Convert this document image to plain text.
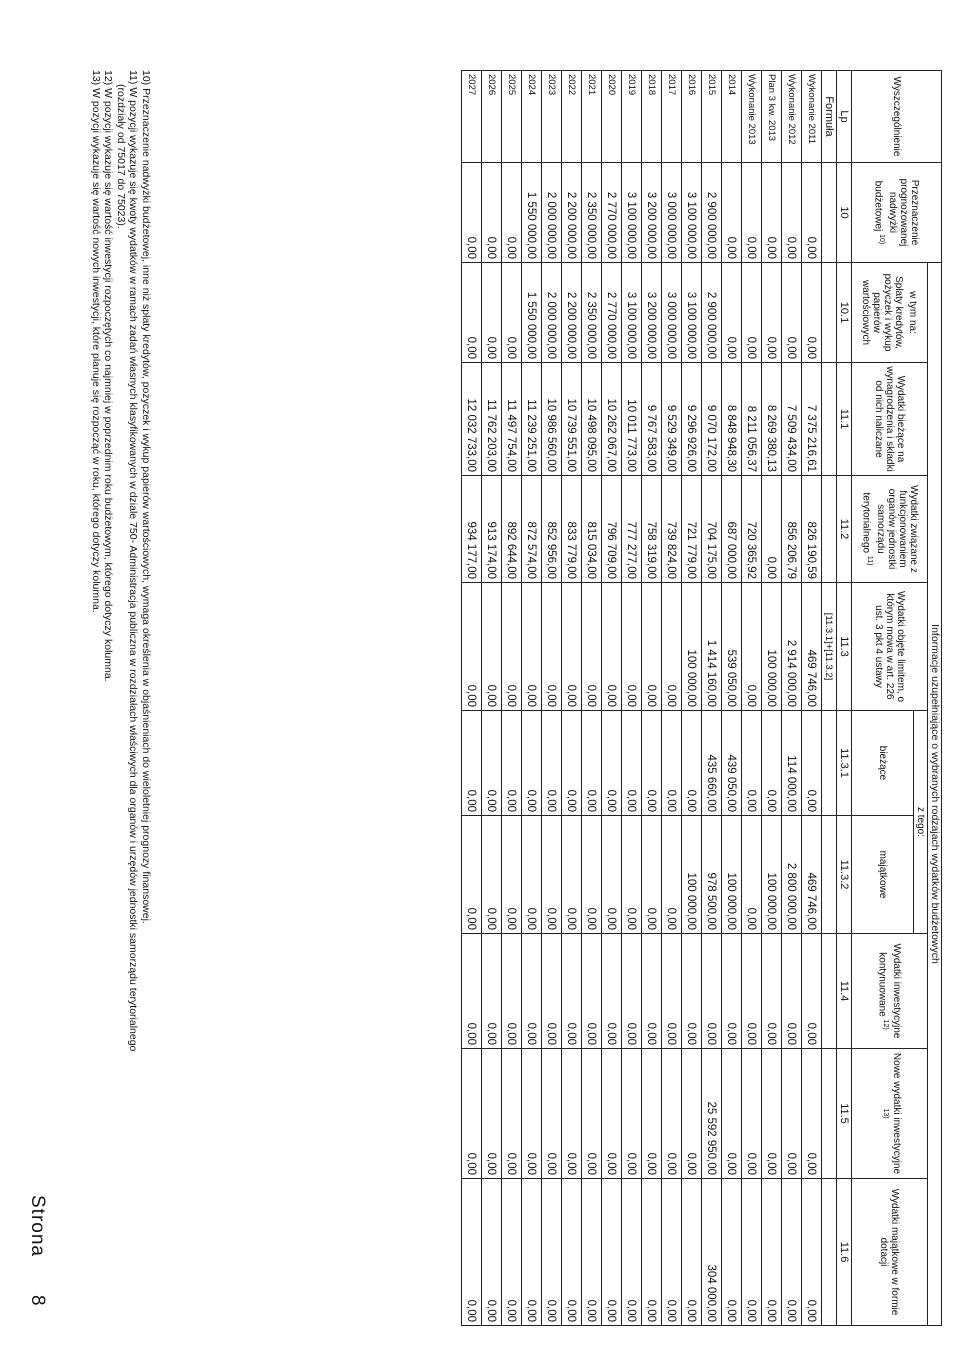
Wyszczególnienie	Przeznaczenie prognozowanej nadwyżki budżetowej $^{10)}$	Informacje uzupełniające o wybranych rodzajach wydatków budżetowych								

		w tym na:
Spłaty kredytów, pożyczek i wykup papierów wartościowych	Wydatki bieżące na wynagrodzenia i składki od nich naliczane	Wydatki związane z funkcjonowaniem organów jednostki samorządu terytorialnego $^{11)}$	Wydatki objęte limitem, o którym mowa w art. 226 ust. 3 pkt 4 ustawy	z tego:		Wydatki inwestycyjne kontynuowane $^{12)}$	Nowe wydatki inwestycyjne $^{13)}$	Wydatki majątkowe w formie dotacji
						bieżące	majątkowe			
Lp	10	10.1	11.1	11.2	11.3	11.3.1	11.3.2	11.4	11.5	11.6
Formuła					[11.3.1]+[11.3.2]					
Wykonanie 2011	0,00	0,00	7 375 216,61	826 190,59	469 746,00	0,00	469 746,00	0,00	0,00	0,00
Wykonanie 2012	0,00	0,00	7 509 434,00	856 206,79	2 914 000,00	114 000,00	2 800 000,00	0,00	0,00	0,00
Plan 3 kw. 2013	0,00	0,00	8 269 380,13	0,00	100 000,00	0,00	100 000,00	0,00	0,00	0,00
Wykonanie 2013	0,00	0,00	8 211 056,37	720 365,92	0,00	0,00	0,00	0,00	0,00	0,00
2014	0,00	0,00	8 848 948,30	687 000,00	539 050,00	439 050,00	100 000,00	0,00	0,00	0,00
2015	2 900 000,00	2 900 000,00	9 070 172,00	704 175,00	1 414 160,00	435 660,00	978 500,00	0,00	25 592 950,00	304 000,00
2016	3 100 000,00	3 100 000,00	9 296 926,00	721 779,00	100 000,00	0,00	100 000,00	0,00	0,00	0,00
2017	3 000 000,00	3 000 000,00	9 529 349,00	739 824,00	0,00	0,00	0,00	0,00	0,00	0,00
2018	3 200 000,00	3 200 000,00	9 767 583,00	758 319,00	0,00	0,00	0,00	0,00	0,00	0,00
2019	3 100 000,00	3 100 000,00	10 011 773,00	777 277,00	0,00	0,00	0,00	0,00	0,00	0,00
2020	2 770 000,00	2 770 000,00	10 262 067,00	796 709,00	0,00	0,00	0,00	0,00	0,00	0,00
2021	2 350 000,00	2 350 000,00	10 498 095,00	815 034,00	0,00	0,00	0,00	0,00	0,00	0,00
2022	2 200 000,00	2 200 000,00	10 739 551,00	833 779,00	0,00	0,00	0,00	0,00	0,00	0,00
2023	2 000 000,00	2 000 000,00	10 986 560,00	852 956,00	0,00	0,00	0,00	0,00	0,00	0,00
2024	1 550 000,00	1 550 000,00	11 239 251,00	872 574,00	0,00	0,00	0,00	0,00	0,00	0,00
2025	0,00	0,00	11 497 754,00	892 644,00	0,00	0,00	0,00	0,00	0,00	0,00
2026	0,00	0,00	11 762 203,00	913 174,00	0,00	0,00	0,00	0,00	0,00	0,00
2027	0,00	0,00	12 032 733,00	934 177,00	0,00	0,00	0,00	0,00	0,00	0,00
10) Przeznaczenie nadwyżki budżetowej, inne niż spłaty kredytów, pożyczek i wykup papierów wartościowych, wymaga określenia w objaśnieniach do wieloletniej prognozy finansowej.
11) W pozycji wykazuje się kwoty wydatków w ramach zadań własnych klasyfikowanych w dziale 750- Administracja publiczna w rozdziałach właściwych dla organów i urzędów jednostki samorządu terytorialnego
(rozdziały od 75017 do 75023).
12) W pozycji wykazuje się wartość inwestycji rozpoczętych co najmniej w poprzednim roku budżetowym, którego dotyczy kolumna.
13) W pozycji wykazuje się wartość nowych inwestycji, które planuje się rozpocząć w roku, którego dotyczy kolumna.
Strona8
